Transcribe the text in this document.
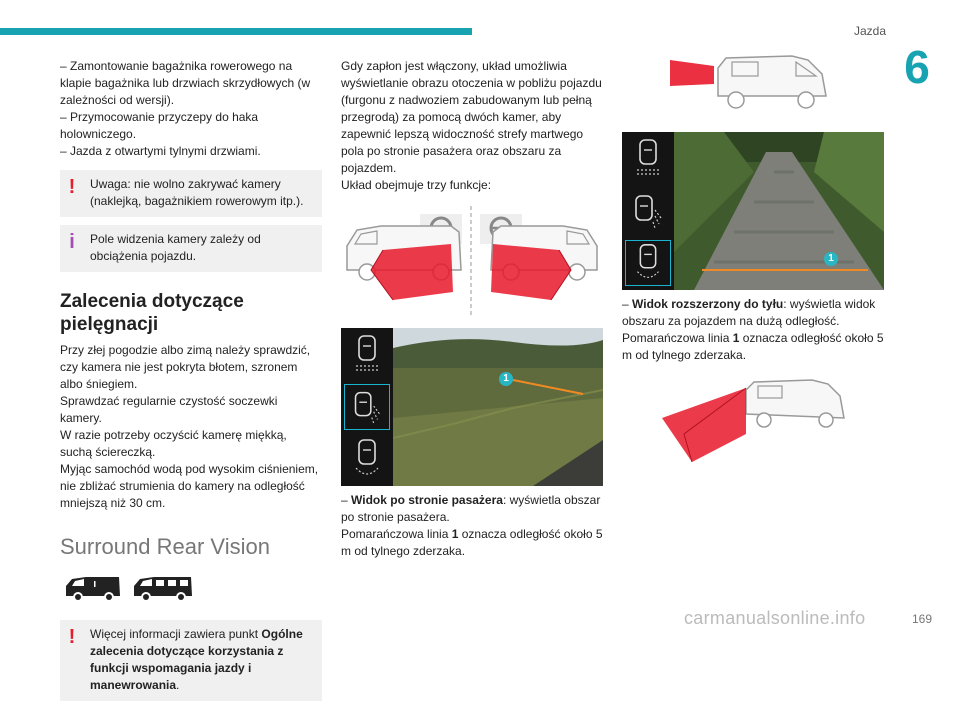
Jazda
6
169
carmanualsonline.info

– Zamontowanie bagażnika rowerowego na klapie bagażnika lub drzwiach skrzydłowych (w zależności od wersji).

– Przymocowanie przyczepy do haka holowniczego.

– Jazda z otwartymi tylnymi drzwiami.

! Uwaga: nie wolno zakrywać kamery (naklejką, bagażnikiem rowerowym itp.).
i Pole widzenia kamery zależy od obciążenia pojazdu.
Zalecenia dotyczące pielęgnacji

Przy złej pogodzie albo zimą należy sprawdzić, czy kamera nie jest pokryta błotem, szronem albo śniegiem.

Sprawdzać regularnie czystość soczewki kamery.

W razie potrzeby oczyścić kamerę miękką, suchą ściereczką.

Myjąc samochód wodą pod wysokim ciśnieniem, nie zbliżać strumienia do kamery na odległość mniejszą niż 30 cm.

Surround Rear Vision
!	Więcej informacji zawiera punkt Ogólne zalecenia dotyczące korzystania z funkcji wspomagania jazdy i manewrowania.

Gdy zapłon jest włączony, układ umożliwia wyświetlanie obrazu otoczenia w pobliżu pojazdu (furgonu z nadwoziem zabudowanym lub pełną przegrodą) za pomocą dwóch kamer, aby zapewnić lepszą widoczność strefy martwego pola po stronie pasażera oraz obszaru za pojazdem.

Układ obejmuje trzy funkcje:

1

– Widok po stronie pasażera: wyświetla obszar po stronie pasażera.

Pomarańczowa linia 1 oznacza odległość około 5 m od tylnego zderzaka.

1

– Widok rozszerzony do tyłu: wyświetla widok obszaru za pojazdem na dużą odległość.

Pomarańczowa linia 1 oznacza odległość około 5 m od tylnego zderzaka.
